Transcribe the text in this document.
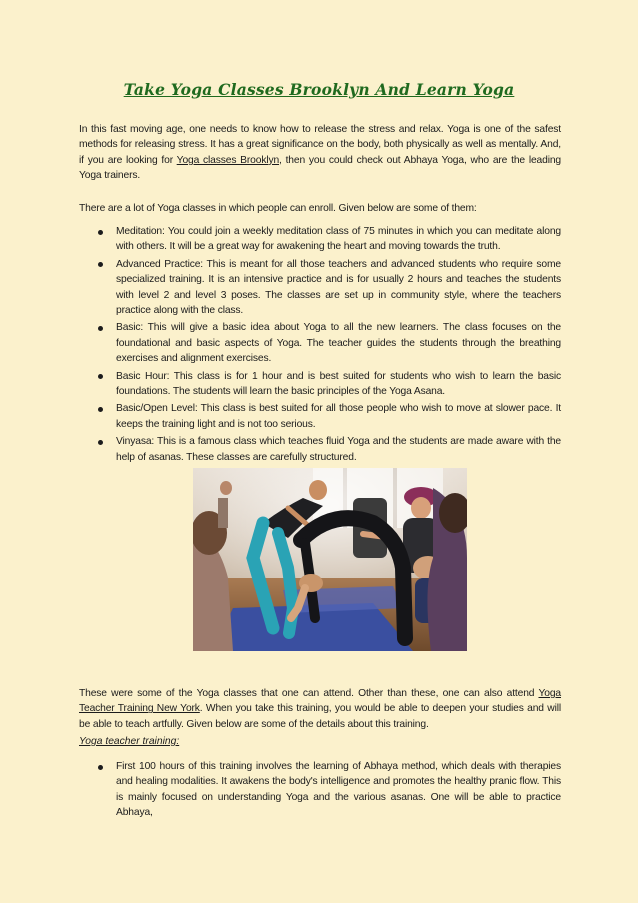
Take Yoga Classes Brooklyn And Learn Yoga

In this fast moving age, one needs to know how to release the stress and relax. Yoga is one of the safest methods for releasing stress. It has a great significance on the body, both physically as well as mentally. And, if you are looking for Yoga classes Brooklyn, then you could check out Abhaya Yoga, who are the leading Yoga trainers.

There are a lot of Yoga classes in which people can enroll. Given below are some of them:

Meditation: You could join a weekly meditation class of 75 minutes in which you can meditate along with others. It will be a great way for awakening the heart and moving towards the truth.
Advanced Practice: This is meant for all those teachers and advanced students who require some specialized training. It is an intensive practice and is for usually 2 hours and teaches the students with level 2 and level 3 poses. The classes are set up in community style, where the teachers practice along with the class.
Basic: This will give a basic idea about Yoga to all the new learners. The class focuses on the foundational and basic aspects of Yoga. The teacher guides the students through the breathing exercises and alignment exercises.
Basic Hour: This class is for 1 hour and is best suited for students who wish to learn the basic foundations. The students will learn the basic principles of the Yoga Asana.
Basic/Open Level: This class is best suited for all those people who wish to move at slower pace. It keeps the training light and is not too serious.
Vinyasa: This is a famous class which teaches fluid Yoga and the students are made aware with the help of asanas. These classes are carefully structured.

These were some of the Yoga classes that one can attend. Other than these, one can also attend Yoga Teacher Training New York. When you take this training, you would be able to deepen your studies and will be able to teach artfully. Given below are some of the details about this training.

Yoga teacher training:
First 100 hours of this training involves the learning of Abhaya method, which deals with therapies and healing modalities. It awakens the body's intelligence and promotes the healthy pranic flow. This is mainly focused on understanding Yoga and the various asanas. One will be able to practice Abhaya,
